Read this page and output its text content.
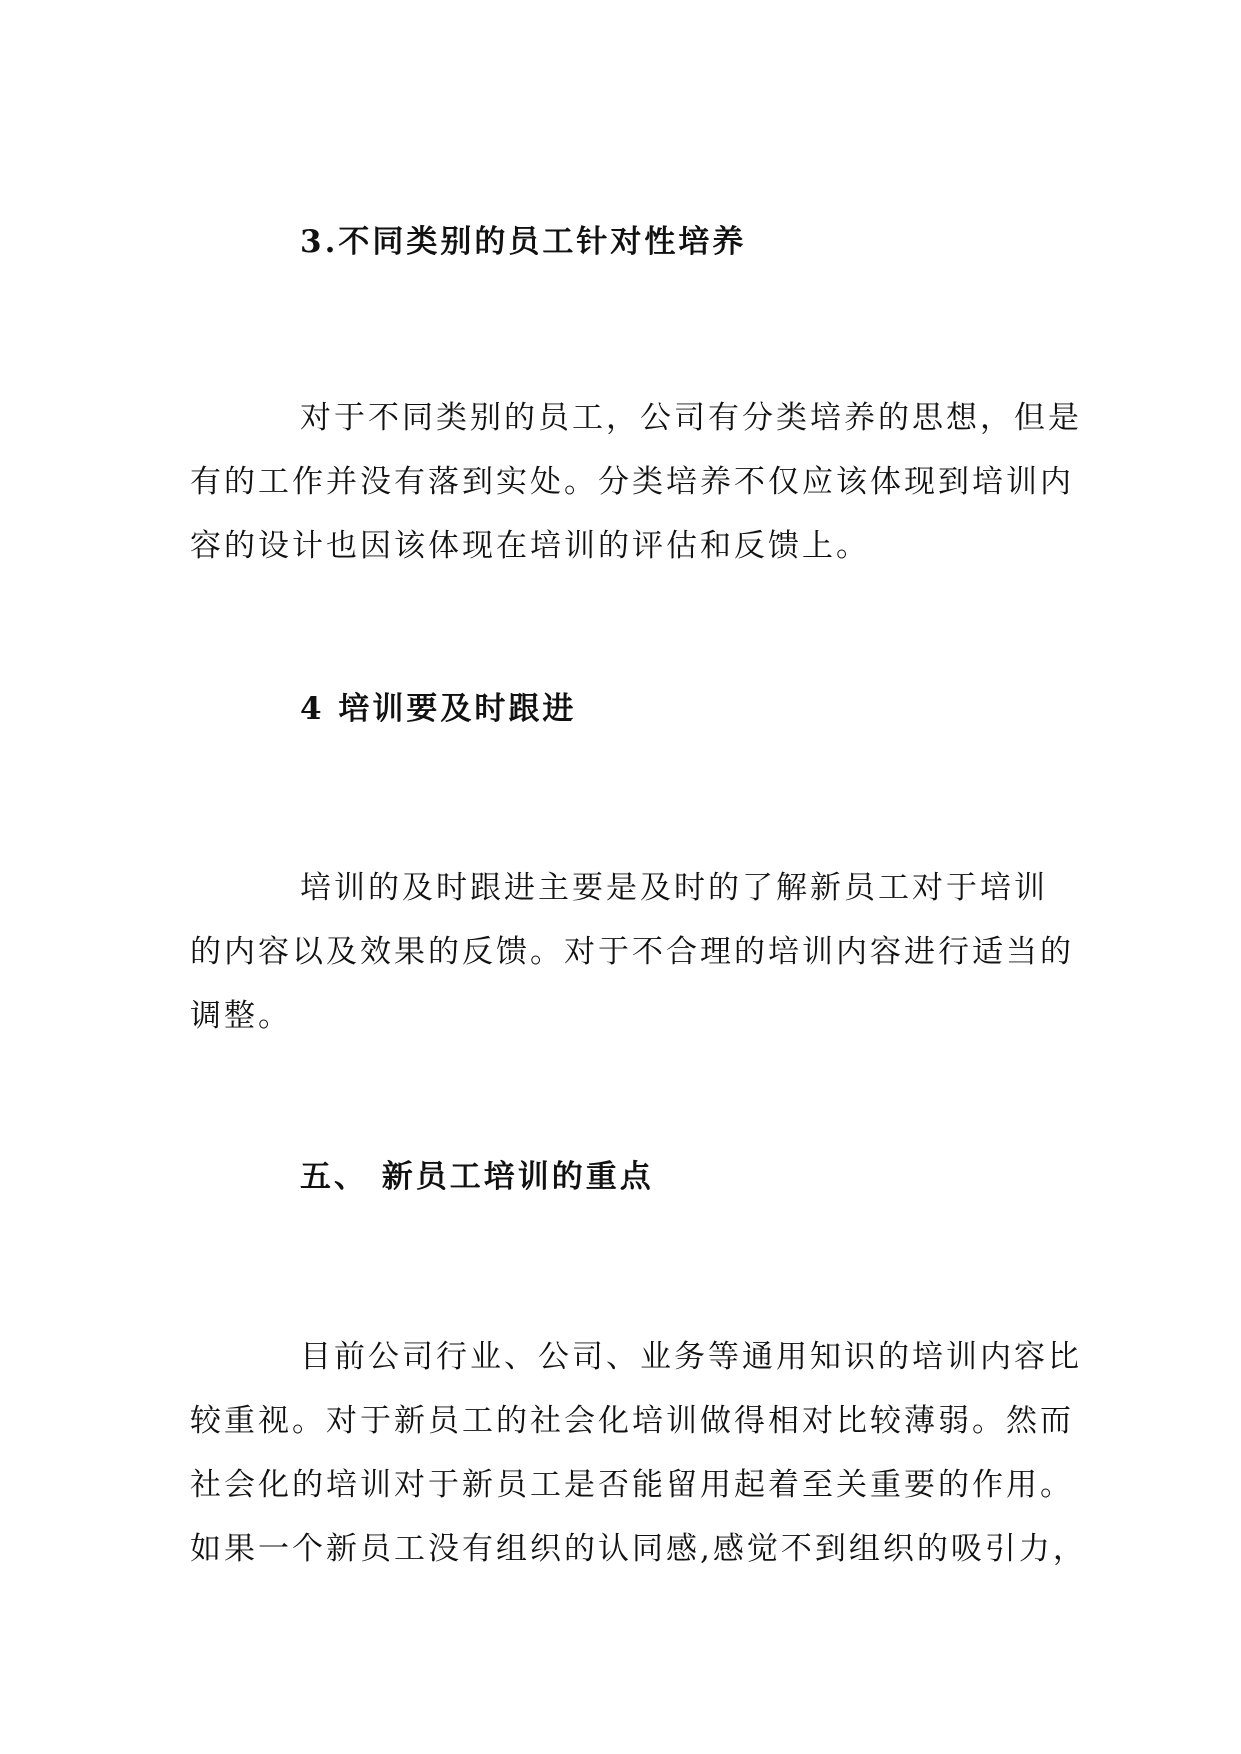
3.不同类别的员工针对性培养

对于不同类别的员工，公司有分类培养的思想，但是
有的工作并没有落到实处。分类培养不仅应该体现到培训内
容的设计也因该体现在培训的评估和反馈上。

4 培训要及时跟进

培训的及时跟进主要是及时的了解新员工对于培训
的内容以及效果的反馈。对于不合理的培训内容进行适当的
调整。

五、 新员工培训的重点

目前公司行业、公司、业务等通用知识的培训内容比
较重视。对于新员工的社会化培训做得相对比较薄弱。然而
社会化的培训对于新员工是否能留用起着至关重要的作用。
如果一个新员工没有组织的认同感,感觉不到组织的吸引力，
